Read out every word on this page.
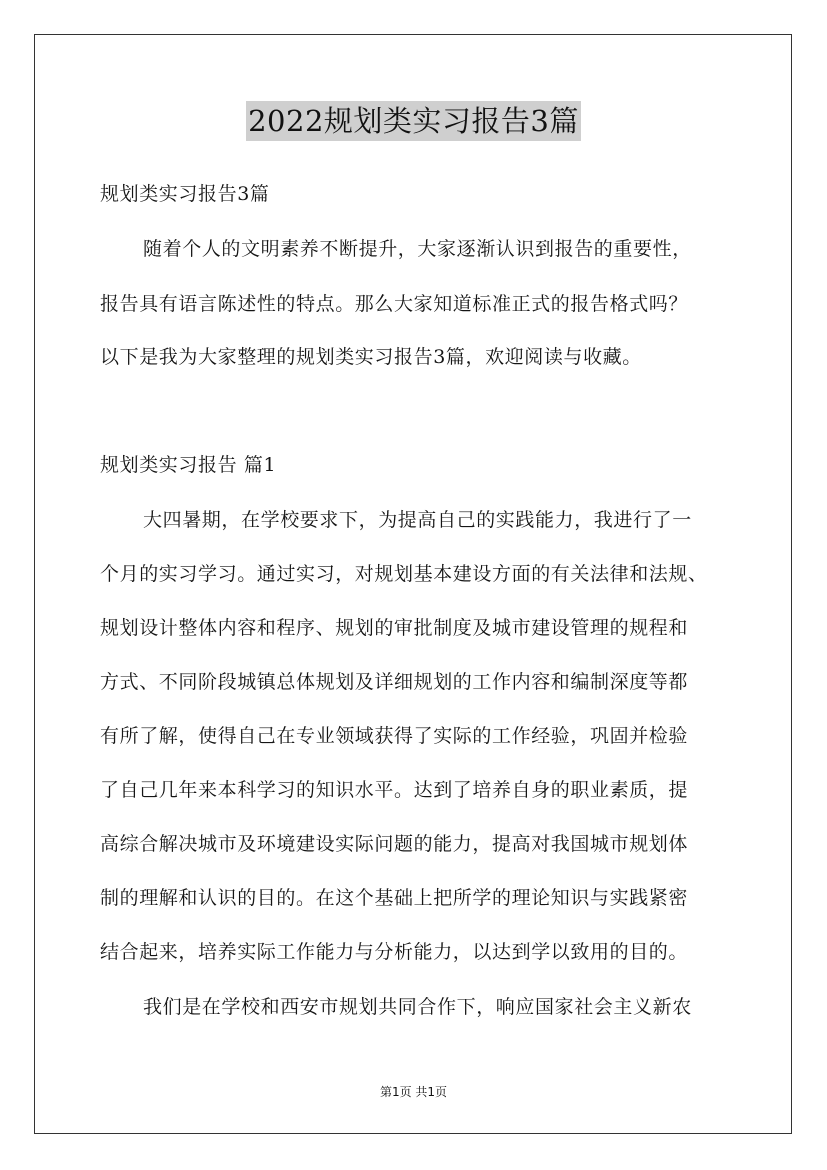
2022规划类实习报告3篇
规划类实习报告3篇
随着个人的文明素养不断提升，大家逐渐认识到报告的重要性，
报告具有语言陈述性的特点。那么大家知道标准正式的报告格式吗？
以下是我为大家整理的规划类实习报告3篇，欢迎阅读与收藏。
规划类实习报告 篇1
大四暑期，在学校要求下，为提高自己的实践能力，我进行了一
个月的实习学习。通过实习，对规划基本建设方面的有关法律和法规、
规划设计整体内容和程序、规划的审批制度及城市建设管理的规程和
方式、不同阶段城镇总体规划及详细规划的工作内容和编制深度等都
有所了解，使得自己在专业领域获得了实际的工作经验，巩固并检验
了自己几年来本科学习的知识水平。达到了培养自身的职业素质，提
高综合解决城市及环境建设实际问题的能力，提高对我国城市规划体
制的理解和认识的目的。在这个基础上把所学的理论知识与实践紧密
结合起来，培养实际工作能力与分析能力，以达到学以致用的目的。
我们是在学校和西安市规划共同合作下，响应国家社会主义新农
第1页 共1页
